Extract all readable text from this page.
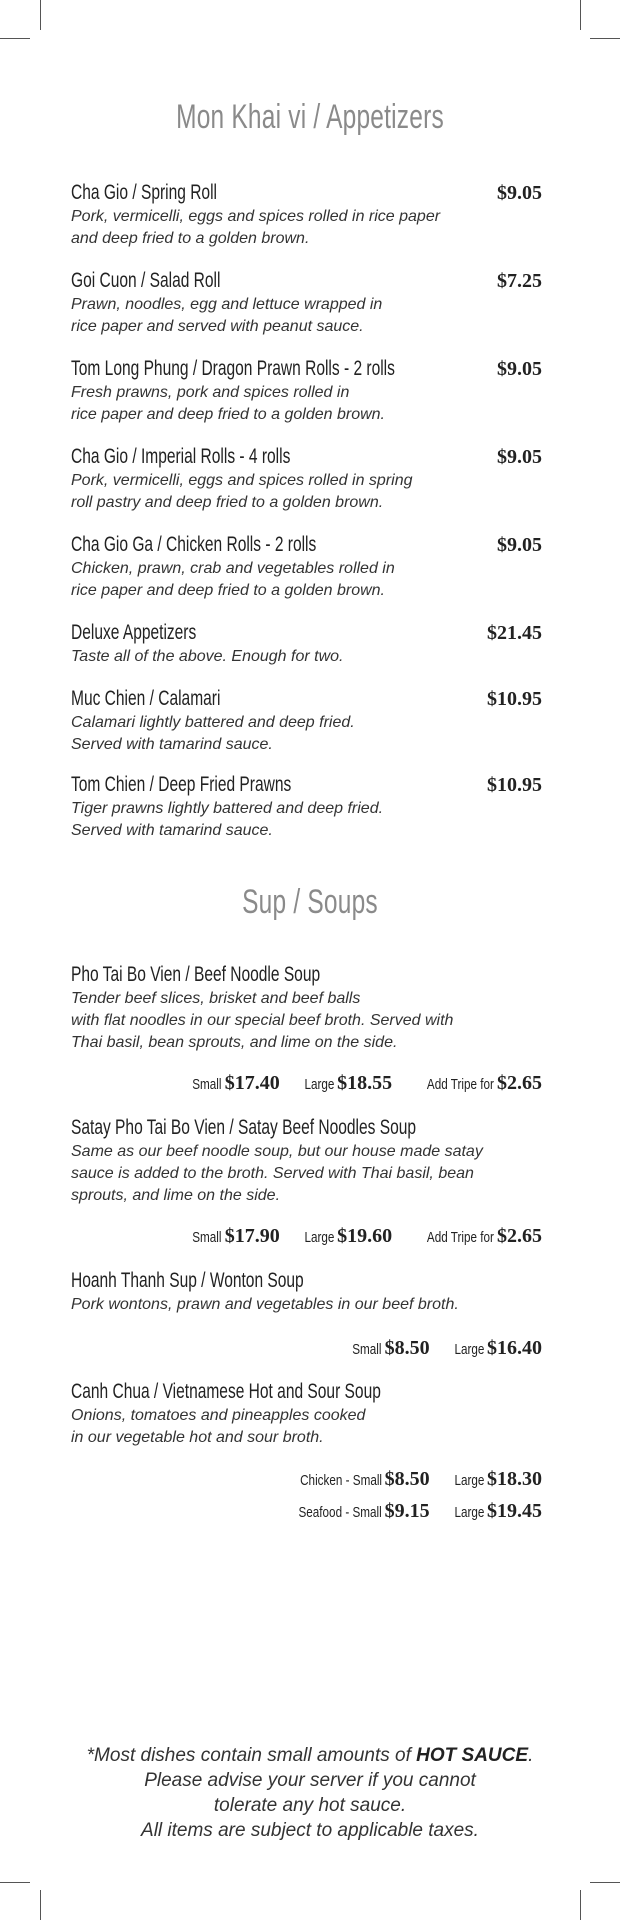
Mon Khai vi / Appetizers
Cha Gio / Spring Roll	$9.05
Pork, vermicelli, eggs and spices rolled in rice paper
and deep fried to a golden brown.
Goi Cuon / Salad Roll	$7.25
Prawn, noodles, egg and lettuce wrapped in
rice paper and served with peanut sauce.
Tom Long Phung / Dragon Prawn Rolls - 2 rolls	$9.05
Fresh prawns, pork and spices rolled in
rice paper and deep fried to a golden brown.
Cha Gio / Imperial Rolls - 4 rolls	$9.05
Pork, vermicelli, eggs and spices rolled in spring
roll pastry and deep fried to a golden brown.
Cha Gio Ga / Chicken Rolls - 2 rolls	$9.05
Chicken, prawn, crab and vegetables rolled in
rice paper and deep fried to a golden brown.
Deluxe Appetizers	$21.45
Taste all of the above. Enough for two.
Muc Chien / Calamari	$10.95
Calamari lightly battered and deep fried.
Served with tamarind sauce.
Tom Chien / Deep Fried Prawns	$10.95
Tiger prawns lightly battered and deep fried.
Served with tamarind sauce.
Sup / Soups
Pho Tai Bo Vien / Beef Noodle Soup
Tender beef slices, brisket and beef balls
with flat noodles in our special beef broth. Served with
Thai basil, bean sprouts, and lime on the side.
Small $17.40 Large $18.55 Add Tripe for $2.65
Satay Pho Tai Bo Vien / Satay Beef Noodles Soup
Same as our beef noodle soup, but our house made satay
sauce is added to the broth. Served with Thai basil, bean
sprouts, and lime on the side.
Small $17.90 Large $19.60 Add Tripe for $2.65
Hoanh Thanh Sup / Wonton Soup
Pork wontons, prawn and vegetables in our beef broth.
Small $8.50 Large $16.40
Canh Chua / Vietnamese Hot and Sour Soup
Onions, tomatoes and pineapples cooked
in our vegetable hot and sour broth.
Chicken - Small $8.50 Large $18.30
Seafood - Small $9.15 Large $19.45
*Most dishes contain small amounts of HOT SAUCE.
Please advise your server if you cannot
tolerate any hot sauce.
All items are subject to applicable taxes.
